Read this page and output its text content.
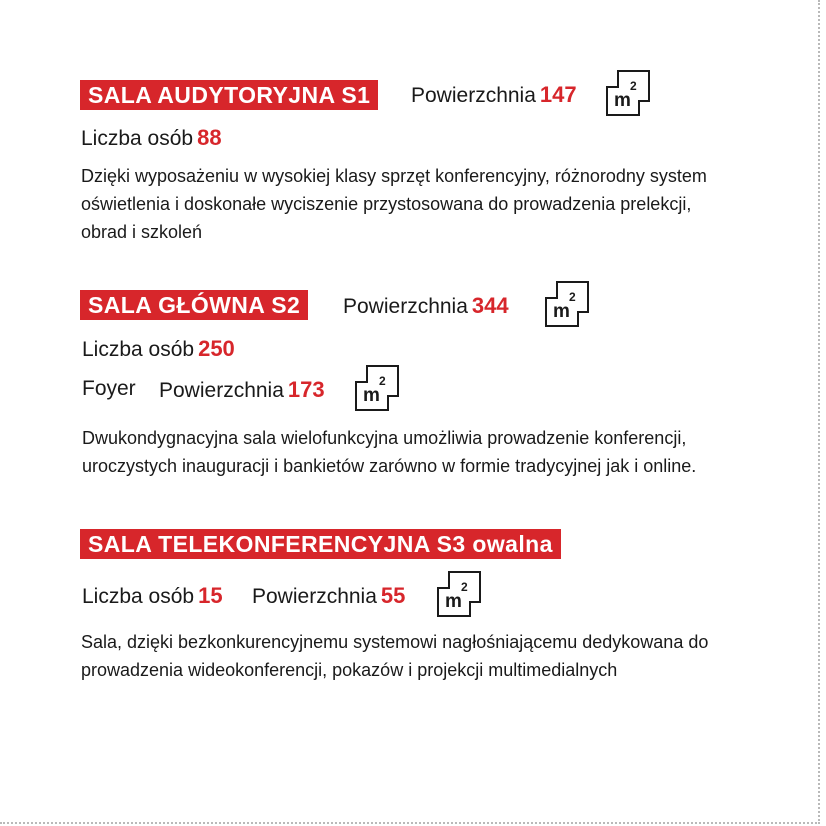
SALA AUDYTORYJNA S1	Powierzchnia 147 m
2
Liczba osób 88
Dzięki wyposażeniu w wysokiej klasy sprzęt konferencyjny, różnorodny system oświetlenia i doskonałe wyciszenie przystosowana do prowadzenia prelekcji, obrad i szkoleń
SALA GŁÓWNA S2	Powierzchnia 344 m
2
Liczba osób 250
Foyer Powierzchnia 173 m
2
Dwukondygnacyjna sala wielofunkcyjna umożliwia prowadzenie konferencji, uroczystych inauguracji i bankietów zarówno w formie tradycyjnej jak i online.
SALA TELEKONFERENCYJNA S3 owalna
Liczba osób 15 Powierzchnia 55 m
2
Sala, dzięki bezkonkurencyjnemu systemowi nagłośniającemu dedykowana do prowadzenia wideokonferencji, pokazów i projekcji multimedialnych
